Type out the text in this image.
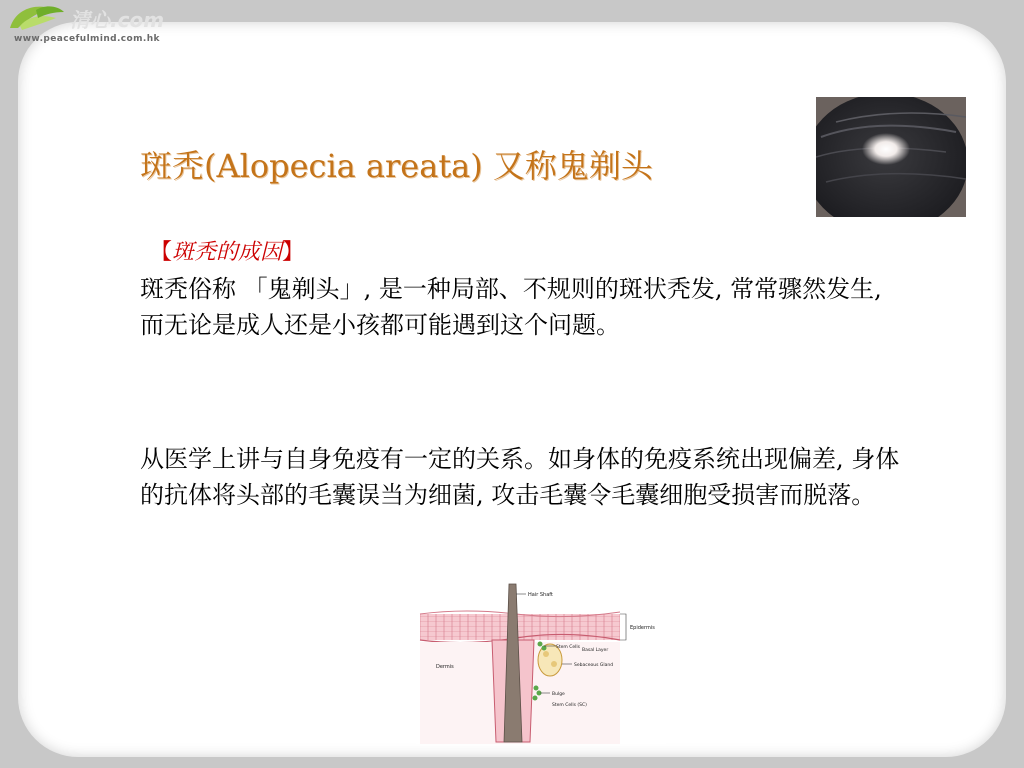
清心.com
www.peacefulmind.com.hk
斑秃(Alopecia areata) 又称鬼剃头
【斑秃的成因】
斑秃俗称 「鬼剃头」, 是一种局部、不规则的斑状秃发, 常常骤然发生, 而无论是成人还是小孩都可能遇到这个问题。
从医学上讲与自身免疫有一定的关系。如身体的免疫系统出现偏差, 身体的抗体将头部的毛囊误当为细菌, 攻击毛囊令毛囊细胞受损害而脱落。
Hair Shaft
Epidermis
Stem Cells
Basal Layer
Sebaceous Gland
Dermis
Bulge
Stem Cells (SC)
